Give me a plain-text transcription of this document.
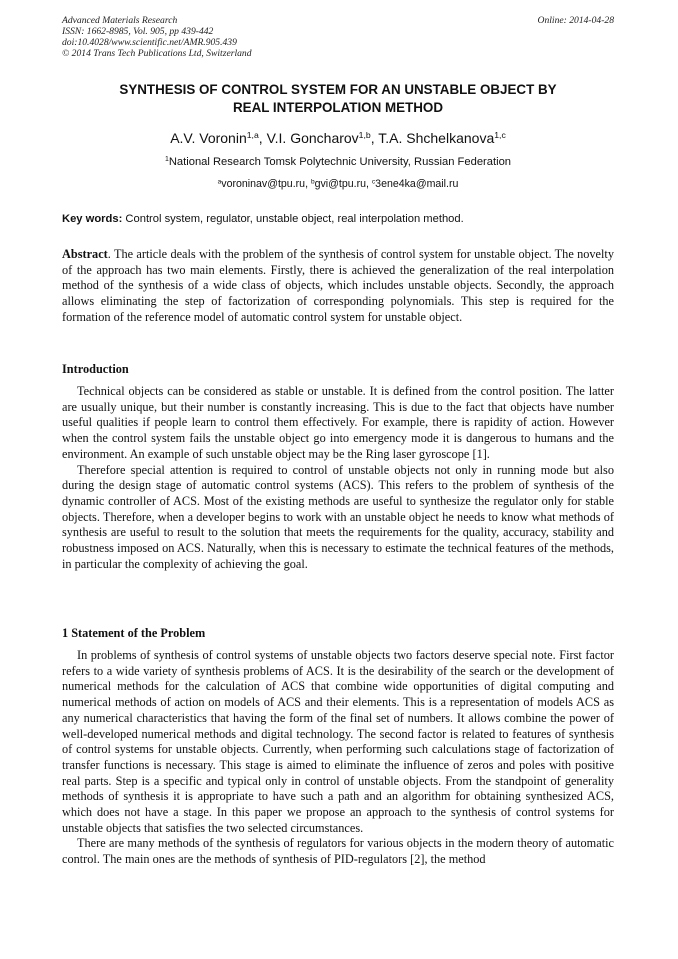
Advanced Materials Research
ISSN: 1662-8985, Vol. 905, pp 439-442
doi:10.4028/www.scientific.net/AMR.905.439
© 2014 Trans Tech Publications Ltd, Switzerland
Online: 2014-04-28
SYNTHESIS OF CONTROL SYSTEM FOR AN UNSTABLE OBJECT BY
REAL INTERPOLATION METHOD
A.V. Voronin$^{1,a}$, V.I. Goncharov$^{1,b}$, T.A. Shchelkanova$^{1,c}$
$^1$National Research Tomsk Polytechnic University, Russian Federation
$^a$voroninav@tpu.ru, $^b$gvi@tpu.ru, $^c$3ene4ka@mail.ru
Key words: Control system, regulator, unstable object, real interpolation method.

Abstract. The article deals with the problem of the synthesis of control system for unstable object. The novelty of the approach has two main elements. Firstly, there is achieved the generalization of the real interpolation method of the synthesis of a wide class of objects, which includes unstable objects. Secondly, the approach allows eliminating the step of factorization of corresponding polynomials. This step is required for the formation of the reference model of automatic control system for unstable object.

Introduction

Technical objects can be considered as stable or unstable. It is defined from the control position. The latter are usually unique, but their number is constantly increasing. This is due to the fact that objects have number useful qualities if people learn to control them effectively. For example, there is rapidity of action. However when the control system fails the unstable object go into emergency mode it is dangerous to humans and the environment. An example of such unstable object may be the Ring laser gyroscope [1].

Therefore special attention is required to control of unstable objects not only in running mode but also during the design stage of automatic control systems (ACS). This refers to the problem of synthesis of the dynamic controller of ACS. Most of the existing methods are useful to synthesize the regulator only for stable objects. Therefore, when a developer begins to work with an unstable object he needs to know what methods of synthesis are useful to result to the solution that meets the requirements for the quality, accuracy, stability and robustness imposed on ACS. Naturally, when this is necessary to estimate the technical features of the methods, in particular the complexity of achieving the goal.

1 Statement of the Problem

In problems of synthesis of control systems of unstable objects two factors deserve special note. First factor refers to a wide variety of synthesis problems of ACS. It is the desirability of the search or the development of numerical methods for the calculation of ACS that combine wide opportunities of digital computing and numerical methods of action on models of ACS and their elements. This is a representation of models ACS as any numerical characteristics that having the form of the final set of numbers. It allows combine the power of well-developed numerical methods and digital technology. The second factor is related to features of synthesis of control systems for unstable objects. Currently, when performing such calculations stage of factorization of transfer functions is necessary. This stage is aimed to eliminate the influence of zeros and poles with positive real parts. Step is a specific and typical only in control of unstable objects. From the standpoint of generality methods of synthesis it is appropriate to have such a path and an algorithm for obtaining synthesized ACS, which does not have a stage. In this paper we propose an approach to the synthesis of control systems for unstable objects that satisfies the two selected circumstances.

There are many methods of the synthesis of regulators for various objects in the modern theory of automatic control. The main ones are the methods of synthesis of PID-regulators [2], the method
